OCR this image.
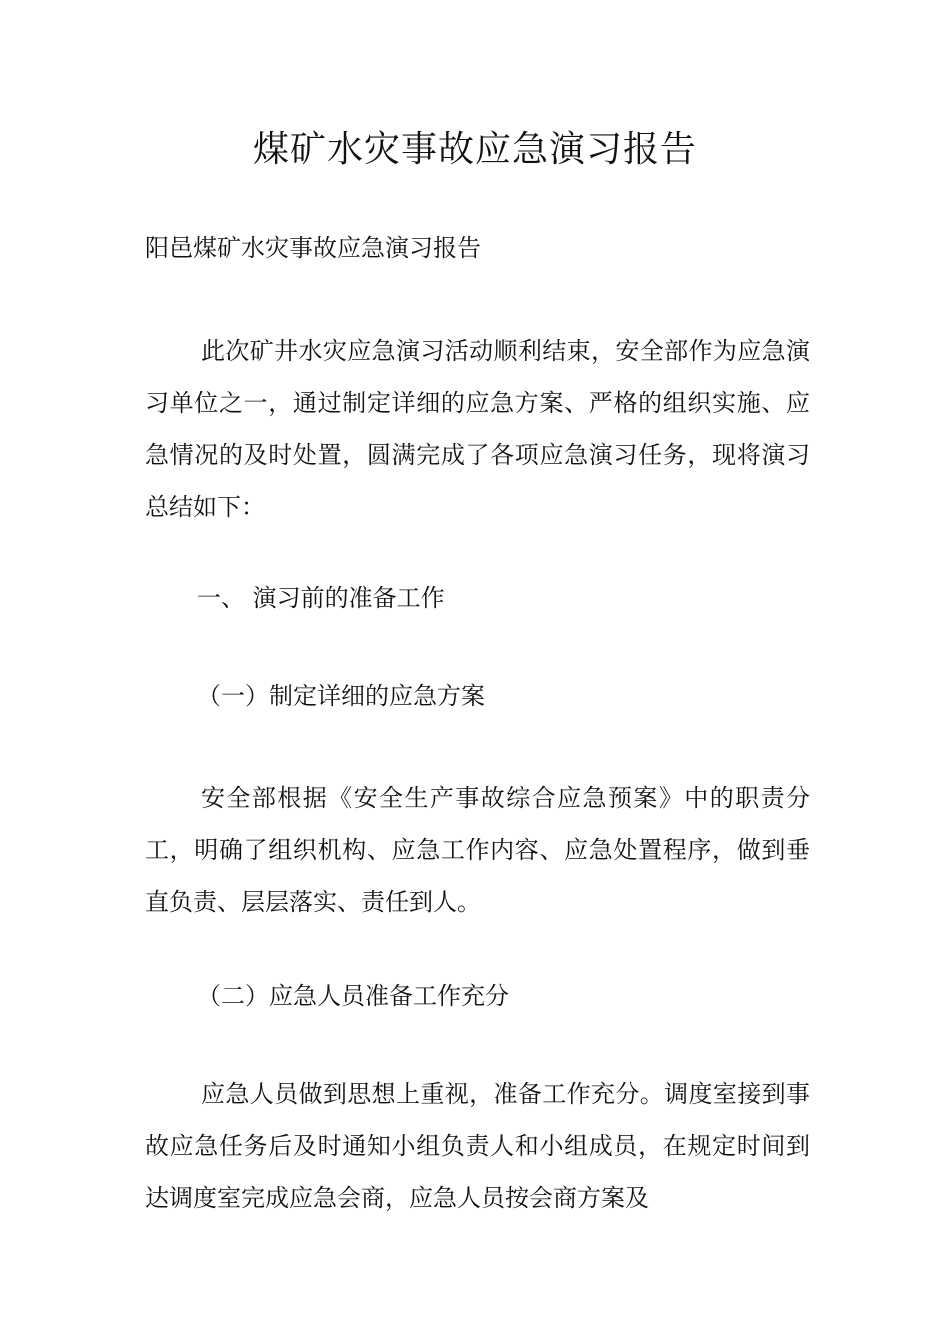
煤矿水灾事故应急演习报告

阳邑煤矿水灾事故应急演习报告

此次矿井水灾应急演习活动顺利结束，安全部作为应急演习单位之一，通过制定详细的应急方案、严格的组织实施、应急情况的及时处置，圆满完成了各项应急演习任务，现将演习总结如下：

一、 演习前的准备工作

（一）制定详细的应急方案

安全部根据《安全生产事故综合应急预案》中的职责分工，明确了组织机构、应急工作内容、应急处置程序，做到垂直负责、层层落实、责任到人。

（二）应急人员准备工作充分

应急人员做到思想上重视，准备工作充分。调度室接到事故应急任务后及时通知小组负责人和小组成员，在规定时间到达调度室完成应急会商，应急人员按会商方案及
